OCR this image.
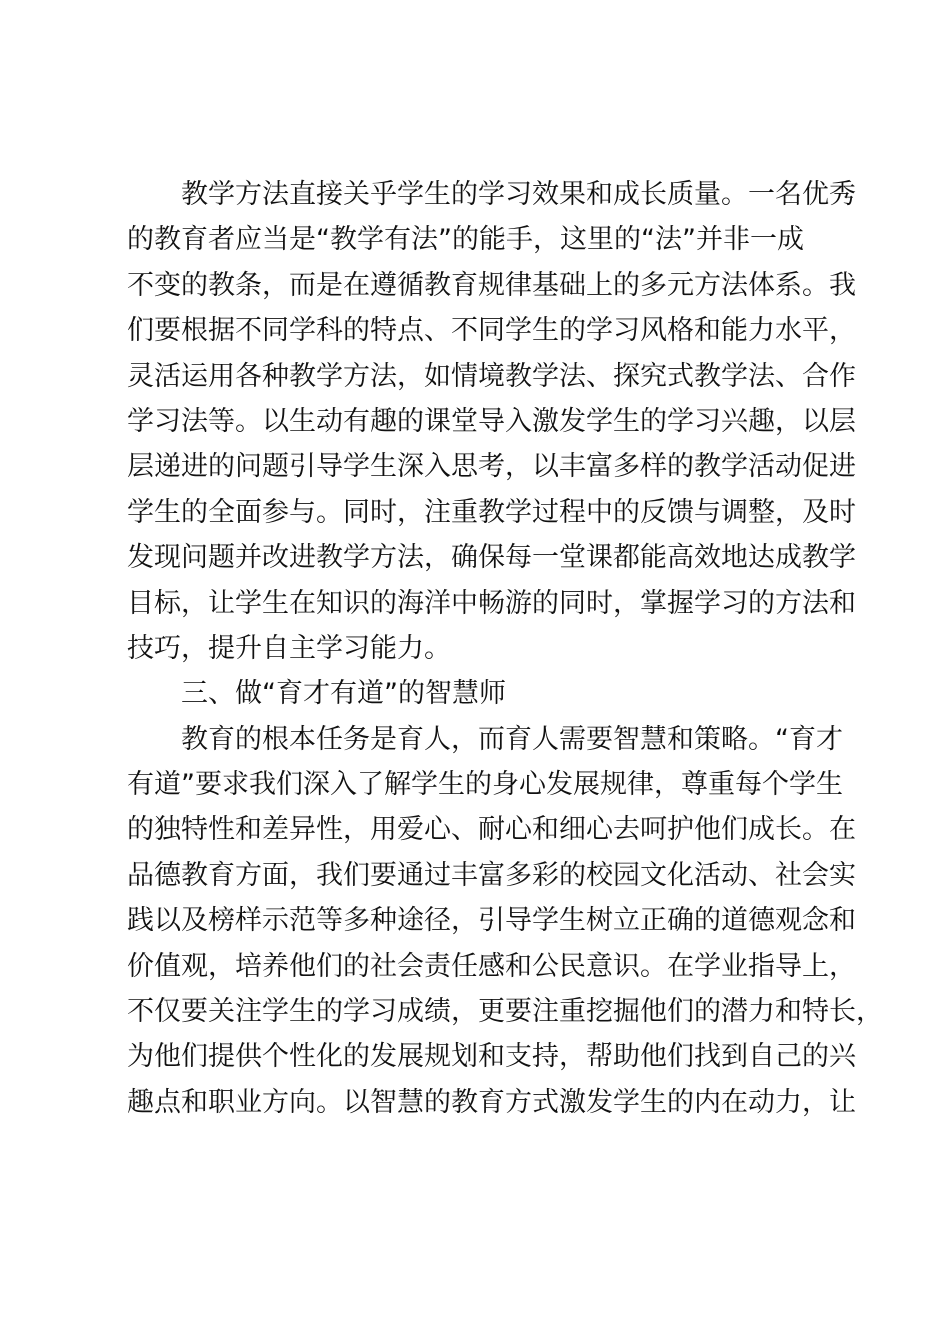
教学方法直接关乎学生的学习效果和成长质量。一名优秀
的教育者应当是“教学有法”的能手，这里的“法”并非一成
不变的教条，而是在遵循教育规律基础上的多元方法体系。我
们要根据不同学科的特点、不同学生的学习风格和能力水平，
灵活运用各种教学方法，如情境教学法、探究式教学法、合作
学习法等。以生动有趣的课堂导入激发学生的学习兴趣，以层
层递进的问题引导学生深入思考，以丰富多样的教学活动促进
学生的全面参与。同时，注重教学过程中的反馈与调整，及时
发现问题并改进教学方法，确保每一堂课都能高效地达成教学
目标，让学生在知识的海洋中畅游的同时，掌握学习的方法和
技巧，提升自主学习能力。
三、做“育才有道”的智慧师
教育的根本任务是育人，而育人需要智慧和策略。“育才
有道”要求我们深入了解学生的身心发展规律，尊重每个学生
的独特性和差异性，用爱心、耐心和细心去呵护他们成长。在
品德教育方面，我们要通过丰富多彩的校园文化活动、社会实
践以及榜样示范等多种途径，引导学生树立正确的道德观念和
价值观，培养他们的社会责任感和公民意识。在学业指导上，
不仅要关注学生的学习成绩，更要注重挖掘他们的潜力和特长，
为他们提供个性化的发展规划和支持，帮助他们找到自己的兴
趣点和职业方向。以智慧的教育方式激发学生的内在动力，让
